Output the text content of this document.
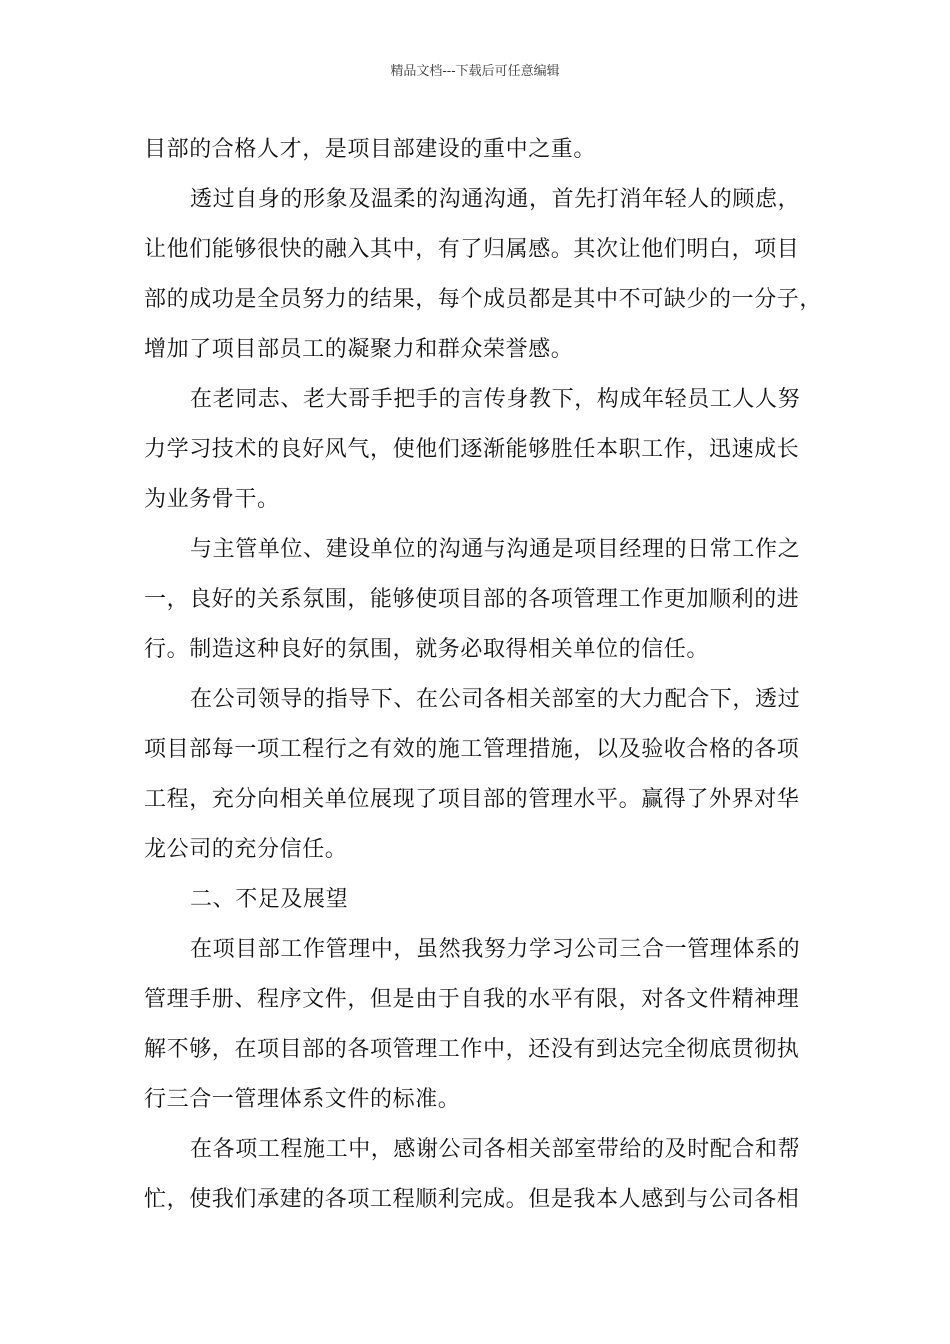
精品文档---下载后可任意编辑

目部的合格人才，是项目部建设的重中之重。

透过自身的形象及温柔的沟通沟通，首先打消年轻人的顾虑，

让他们能够很快的融入其中，有了归属感。其次让他们明白，项目

部的成功是全员努力的结果，每个成员都是其中不可缺少的一分子，

增加了项目部员工的凝聚力和群众荣誉感。

在老同志、老大哥手把手的言传身教下，构成年轻员工人人努

力学习技术的良好风气，使他们逐渐能够胜任本职工作，迅速成长

为业务骨干。

与主管单位、建设单位的沟通与沟通是项目经理的日常工作之

一，良好的关系氛围，能够使项目部的各项管理工作更加顺利的进

行。制造这种良好的氛围，就务必取得相关单位的信任。

在公司领导的指导下、在公司各相关部室的大力配合下，透过

项目部每一项工程行之有效的施工管理措施，以及验收合格的各项

工程，充分向相关单位展现了项目部的管理水平。赢得了外界对华

龙公司的充分信任。

二、不足及展望

在项目部工作管理中，虽然我努力学习公司三合一管理体系的

管理手册、程序文件，但是由于自我的水平有限，对各文件精神理

解不够，在项目部的各项管理工作中，还没有到达完全彻底贯彻执

行三合一管理体系文件的标准。

在各项工程施工中，感谢公司各相关部室带给的及时配合和帮

忙，使我们承建的各项工程顺利完成。但是我本人感到与公司各相
